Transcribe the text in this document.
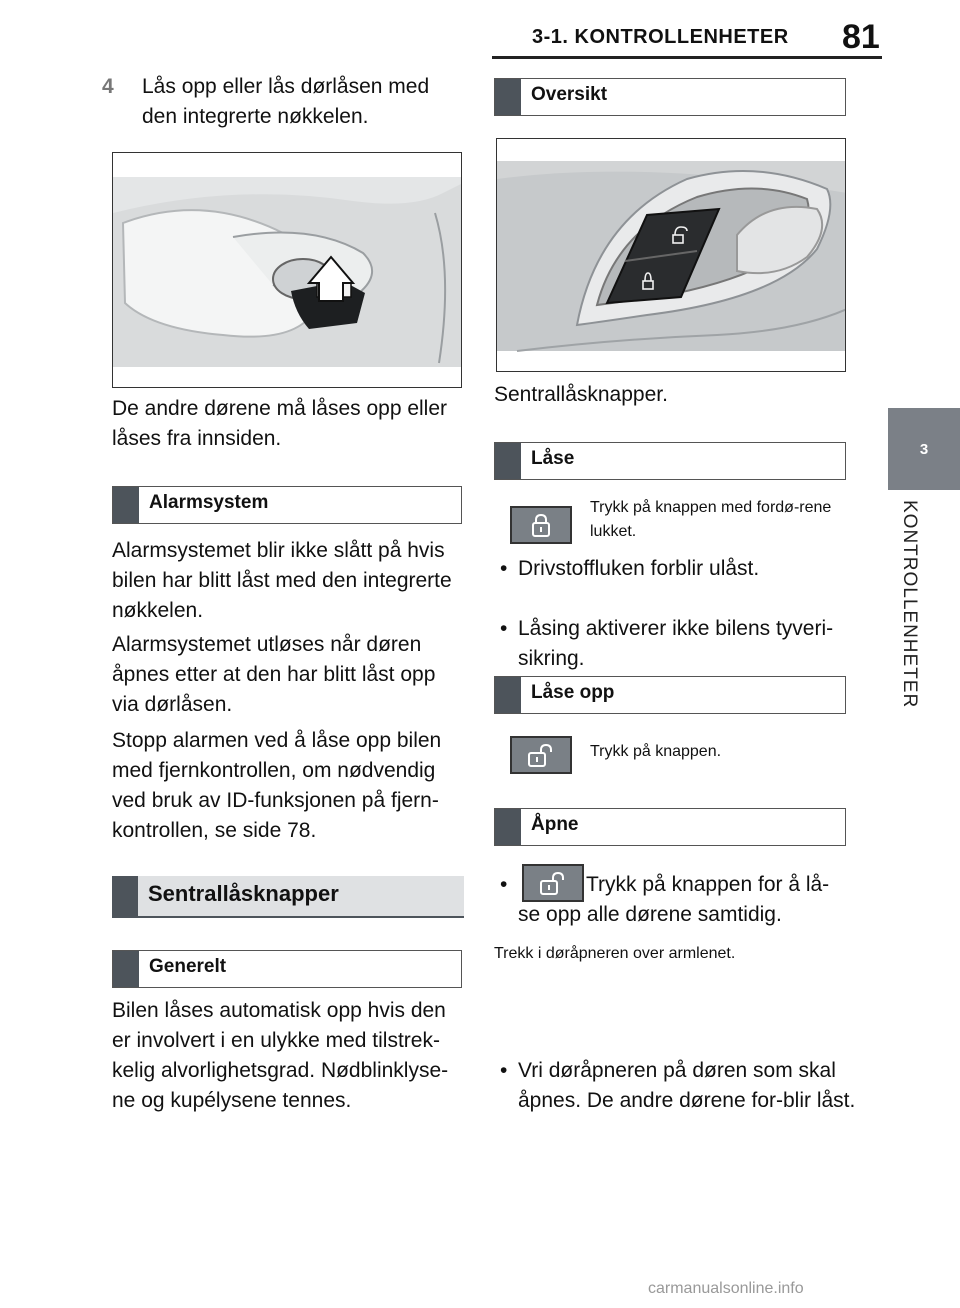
3-1. KONTROLLENHETER 81
3
KONTROLLENHETER
4	Lås opp eller lås dørlåsen med den integrerte nøkkelen.

De andre dørene må låses opp eller låses fra innsiden.

Alarmsystem

Alarmsystemet blir ikke slått på hvis bilen har blitt låst med den integrerte nøkkelen.

Alarmsystemet utløses når døren åpnes etter at den har blitt låst opp via dørlåsen.

Stopp alarmen ved å låse opp bilen med fjernkontrollen, om nødvendig ved bruk av ID-funksjonen på fjern-kontrollen, se side 78.

Sentrallåsknapper
Generelt

Bilen låses automatisk opp hvis den er involvert i en ulykke med tilstrek-kelig alvorlighetsgrad. Nødblinklyse-ne og kupélysene tennes.

Oversikt

Sentrallåsknapper.

Låse

Trykk på knappen med fordø-rene lukket.

• Drivstoffluken forblir ulåst.
• Låsing aktiverer ikke bilens tyveri-sikring.
Låse opp

Trykk på knappen.

Åpne
•	Trykk på knappen for å lå-se opp alle dørene samtidig.

Trekk i døråpneren over armlenet.

• Vri døråpneren på døren som skal åpnes. De andre dørene for-blir låst.
carmanualsonline.info
